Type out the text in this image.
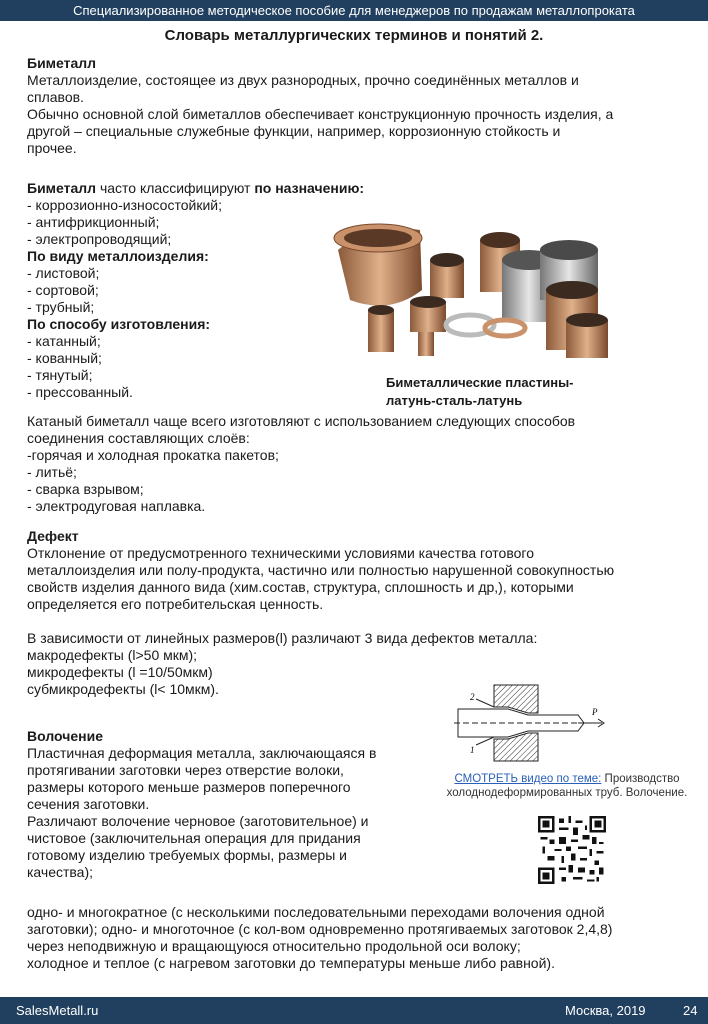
Специализированное методическое пособие для менеджеров по продажам металлопроката
Словарь металлургических терминов и понятий 2.
Биметалл
Металлоизделие, состоящее из двух разнородных, прочно соединённых металлов и
сплавов.
Обычно основной слой биметаллов обеспечивает конструкционную прочность изделия, а
другой – специальные служебные функции, например, коррозионную стойкость и
прочее.
Биметалл часто классифицируют по назначению:
- коррозионно-износостойкий;
- антифрикционный;
- электропроводящий;
По виду металлоизделия:
- листовой;
- сортовой;
- трубный;
По способу изготовления:
- катанный;
- кованный;
- тянутый;
- прессованный.
Биметаллические пластины-
латунь-сталь-латунь
Катаный биметалл чаще всего изготовляют с использованием следующих способов
соединения составляющих слоёв:
-горячая и холодная прокатка пакетов;
- литьё;
- сварка взрывом;
- электродуговая наплавка.
Дефект
Отклонение от предусмотренного техническими условиями качества готового
металлоизделия или полу-продукта, частично или полностью нарушенной совокупностью
свойств изделия данного вида (хим.состав, структура, сплошность и др,), которыми
определяется его потребительская ценность.
В зависимости от линейных размеров(l) различают 3 вида дефектов металла:
макродефекты (l>50 мкм);
микродефекты (l =10/50мкм)
субмикродефекты (l< 10мкм).
Волочение
Пластичная деформация металла, заключающаяся в
протягивании заготовки через отверстие волоки,
размеры которого меньше размеров поперечного
сечения заготовки.
Различают волочение черновое (заготовительное) и
чистовое (заключительная операция для придания
готовому изделию требуемых формы, размеры и
качества);
2
1
P
СМОТРЕТЬ видео по теме: Производство холоднодеформированных труб. Волочение.
одно- и многократное (с несколькими последовательными переходами волочения одной
заготовки); одно- и многоточное (с кол-вом одновременно протягиваемых заготовок 2,4,8)
через неподвижную и вращающуюся относительно продольной оси волоку;
холодное и теплое (с нагревом заготовки до температуры меньше либо равной).
SalesMetall.ru	Москва, 2019	24
